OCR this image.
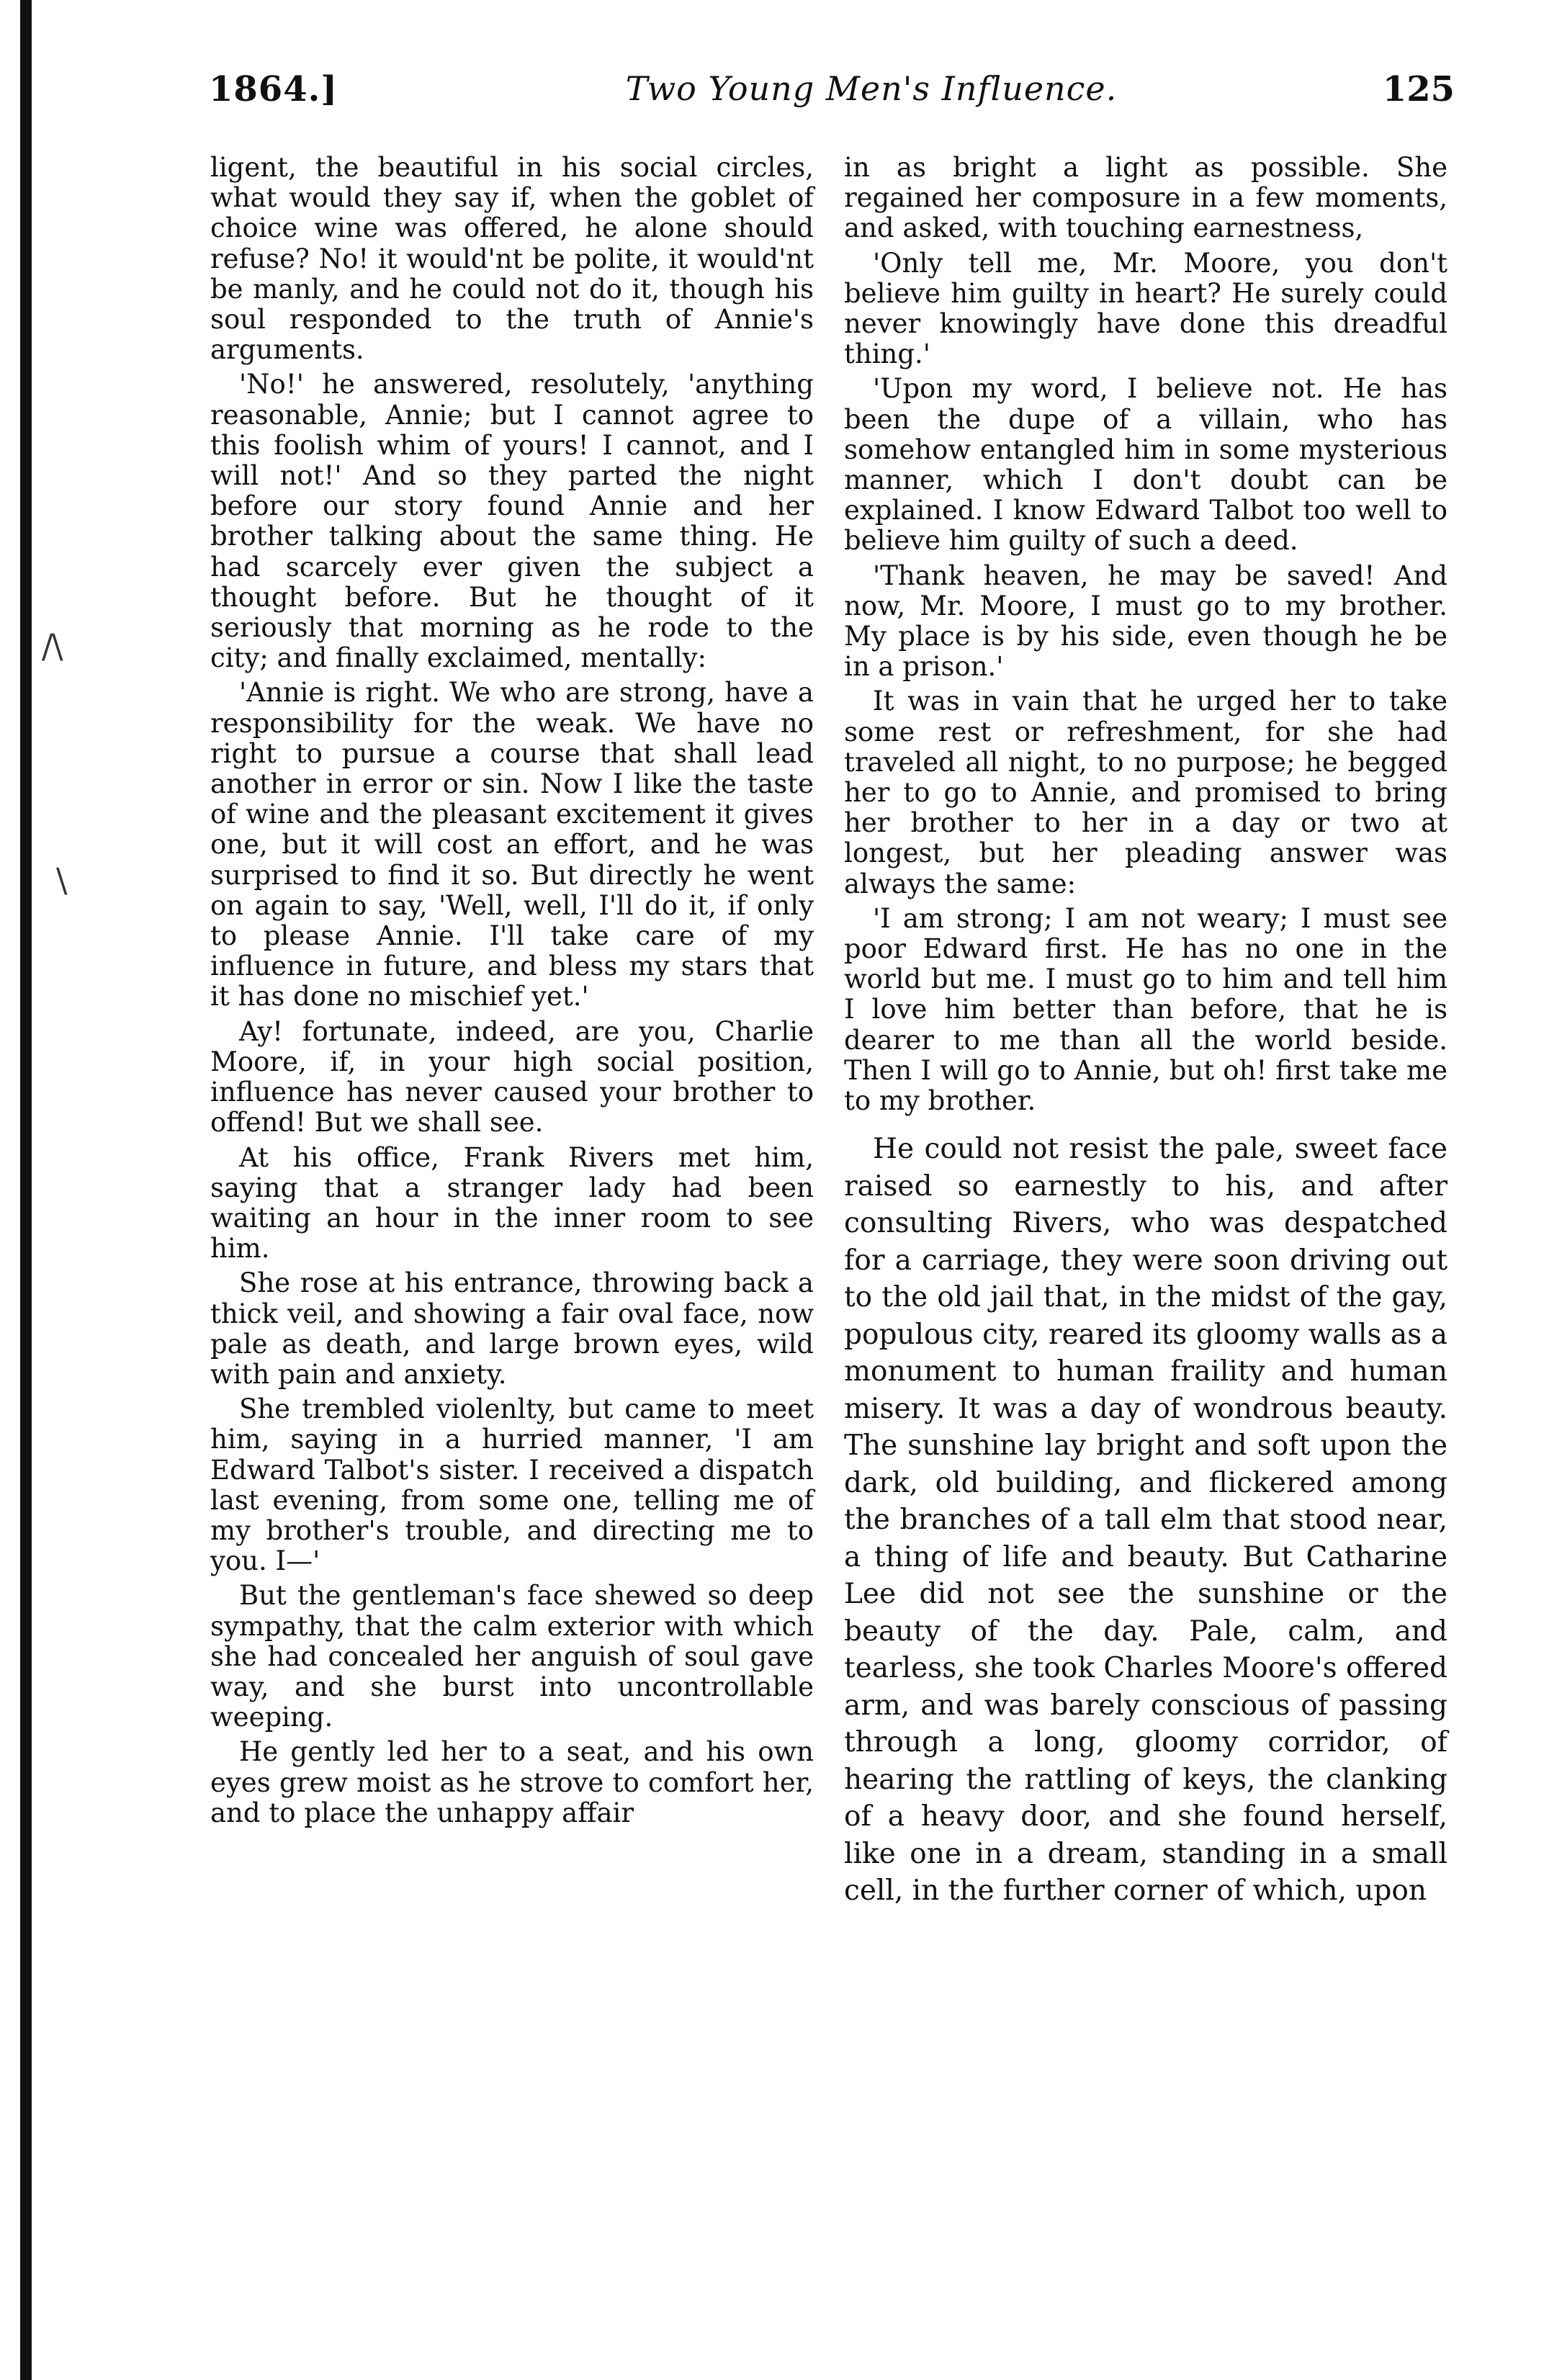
/
\
\
1864.]	Two Young Men's Influence.	125

ligent, the beautiful in his social circles, what would they say if, when the goblet of choice wine was offered, he alone should refuse? No! it would'nt be polite, it would'nt be manly, and he could not do it, though his soul responded to the truth of Annie's arguments.

'No!' he answered, resolutely, 'anything reasonable, Annie; but I cannot agree to this foolish whim of yours! I cannot, and I will not!' And so they parted the night before our story found Annie and her brother talking about the same thing. He had scarcely ever given the subject a thought before. But he thought of it seriously that morning as he rode to the city; and finally exclaimed, mentally:

'Annie is right. We who are strong, have a responsibility for the weak. We have no right to pursue a course that shall lead another in error or sin. Now I like the taste of wine and the pleasant excitement it gives one, but it will cost an effort, and he was surprised to find it so. But directly he went on again to say, 'Well, well, I'll do it, if only to please Annie. I'll take care of my influence in future, and bless my stars that it has done no mischief yet.'

Ay! fortunate, indeed, are you, Charlie Moore, if, in your high social position, influence has never caused your brother to offend! But we shall see.

At his office, Frank Rivers met him, saying that a stranger lady had been waiting an hour in the inner room to see him.

She rose at his entrance, throwing back a thick veil, and showing a fair oval face, now pale as death, and large brown eyes, wild with pain and anxiety.

She trembled violenlty, but came to meet him, saying in a hurried manner, 'I am Edward Talbot's sister. I received a dispatch last evening, from some one, telling me of my brother's trouble, and directing me to you. I—'

But the gentleman's face shewed so deep sympathy, that the calm exterior with which she had concealed her anguish of soul gave way, and she burst into uncontrollable weeping.

He gently led her to a seat, and his own eyes grew moist as he strove to comfort her, and to place the unhappy affair

in as bright a light as possible. She regained her composure in a few moments, and asked, with touching earnestness,

'Only tell me, Mr. Moore, you don't believe him guilty in heart? He surely could never knowingly have done this dreadful thing.'

'Upon my word, I believe not. He has been the dupe of a villain, who has somehow entangled him in some mysterious manner, which I don't doubt can be explained. I know Edward Talbot too well to believe him guilty of such a deed.

'Thank heaven, he may be saved! And now, Mr. Moore, I must go to my brother. My place is by his side, even though he be in a prison.'

It was in vain that he urged her to take some rest or refreshment, for she had traveled all night, to no purpose; he begged her to go to Annie, and promised to bring her brother to her in a day or two at longest, but her pleading answer was always the same:

'I am strong; I am not weary; I must see poor Edward first. He has no one in the world but me. I must go to him and tell him I love him better than before, that he is dearer to me than all the world beside. Then I will go to Annie, but oh! first take me to my brother.

He could not resist the pale, sweet face raised so earnestly to his, and after consulting Rivers, who was despatched for a carriage, they were soon driving out to the old jail that, in the midst of the gay, populous city, reared its gloomy walls as a monument to human fraility and human misery. It was a day of wondrous beauty. The sunshine lay bright and soft upon the dark, old building, and flickered among the branches of a tall elm that stood near, a thing of life and beauty. But Catharine Lee did not see the sunshine or the beauty of the day. Pale, calm, and tearless, she took Charles Moore's offered arm, and was barely conscious of passing through a long, gloomy corridor, of hearing the rattling of keys, the clanking of a heavy door, and she found herself, like one in a dream, standing in a small cell, in the further corner of which, upon
